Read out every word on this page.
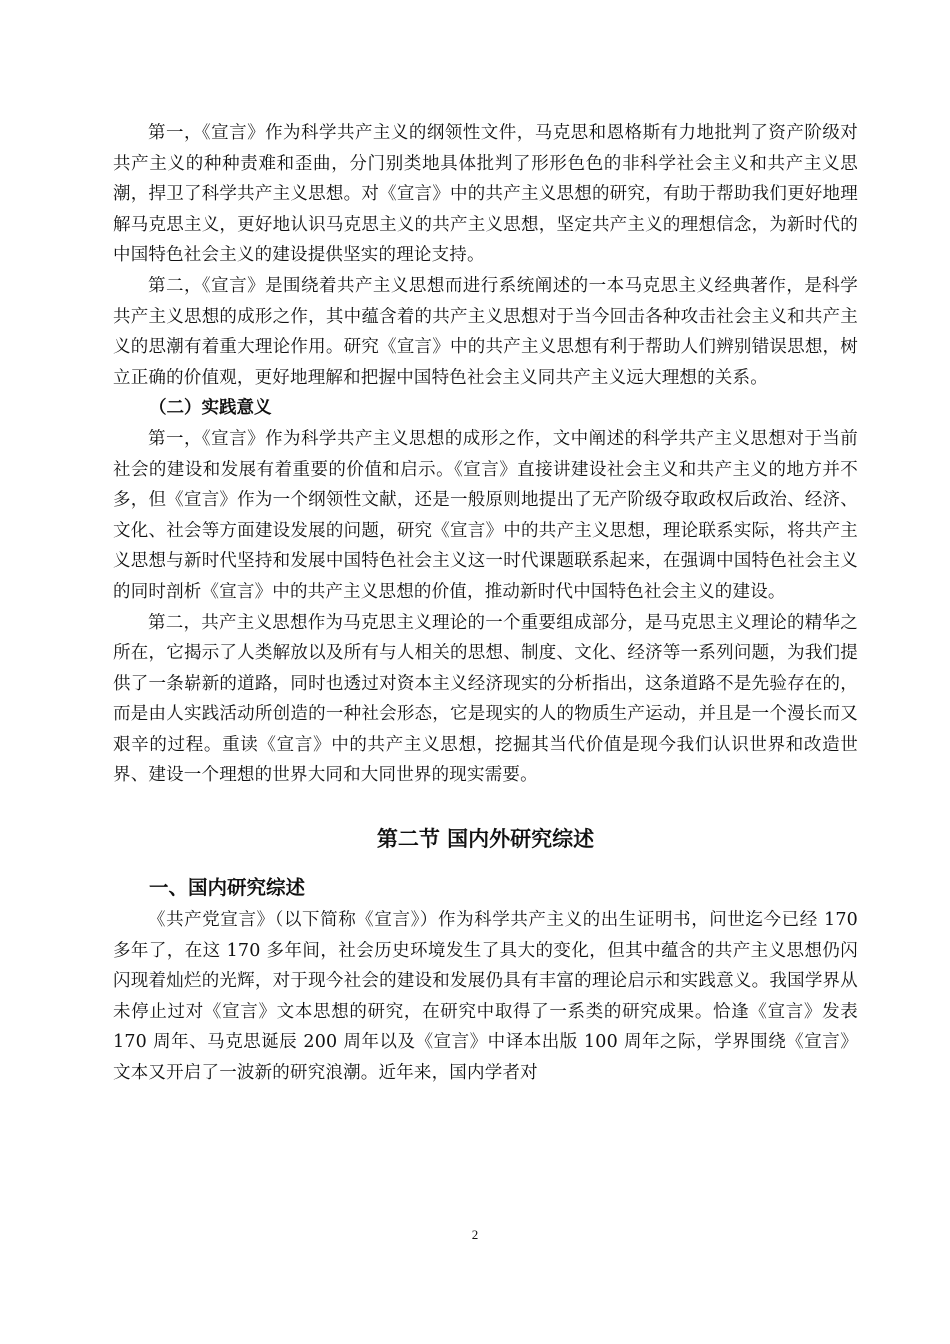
第一，《宣言》作为科学共产主义的纲领性文件，马克思和恩格斯有力地批判了资产阶级对共产主义的种种责难和歪曲，分门别类地具体批判了形形色色的非科学社会主义和共产主义思潮，捍卫了科学共产主义思想。对《宣言》中的共产主义思想的研究，有助于帮助我们更好地理解马克思主义，更好地认识马克思主义的共产主义思想，坚定共产主义的理想信念，为新时代的中国特色社会主义的建设提供坚实的理论支持。

第二，《宣言》是围绕着共产主义思想而进行系统阐述的一本马克思主义经典著作，是科学共产主义思想的成形之作，其中蕴含着的共产主义思想对于当今回击各种攻击社会主义和共产主义的思潮有着重大理论作用。研究《宣言》中的共产主义思想有利于帮助人们辨别错误思想，树立正确的价值观，更好地理解和把握中国特色社会主义同共产主义远大理想的关系。

（二）实践意义

第一，《宣言》作为科学共产主义思想的成形之作，文中阐述的科学共产主义思想对于当前社会的建设和发展有着重要的价值和启示。《宣言》直接讲建设社会主义和共产主义的地方并不多，但《宣言》作为一个纲领性文献，还是一般原则地提出了无产阶级夺取政权后政治、经济、文化、社会等方面建设发展的问题，研究《宣言》中的共产主义思想，理论联系实际，将共产主义思想与新时代坚持和发展中国特色社会主义这一时代课题联系起来，在强调中国特色社会主义的同时剖析《宣言》中的共产主义思想的价值，推动新时代中国特色社会主义的建设。

第二，共产主义思想作为马克思主义理论的一个重要组成部分，是马克思主义理论的精华之所在，它揭示了人类解放以及所有与人相关的思想、制度、文化、经济等一系列问题，为我们提供了一条崭新的道路，同时也透过对资本主义经济现实的分析指出，这条道路不是先验存在的，而是由人实践活动所创造的一种社会形态，它是现实的人的物质生产运动，并且是一个漫长而又艰辛的过程。重读《宣言》中的共产主义思想，挖掘其当代价值是现今我们认识世界和改造世界、建设一个理想的世界大同和大同世界的现实需要。

第二节 国内外研究综述
一、国内研究综述

《共产党宣言》（以下简称《宣言》）作为科学共产主义的出生证明书，问世迄今已经 170 多年了，在这 170 多年间，社会历史环境发生了具大的变化，但其中蕴含的共产主义思想仍闪闪现着灿烂的光辉，对于现今社会的建设和发展仍具有丰富的理论启示和实践意义。我国学界从未停止过对《宣言》文本思想的研究，在研究中取得了一系类的研究成果。恰逢《宣言》发表 170 周年、马克思诞辰 200 周年以及《宣言》中译本出版 100 周年之际，学界围绕《宣言》文本又开启了一波新的研究浪潮。近年来，国内学者对

2
